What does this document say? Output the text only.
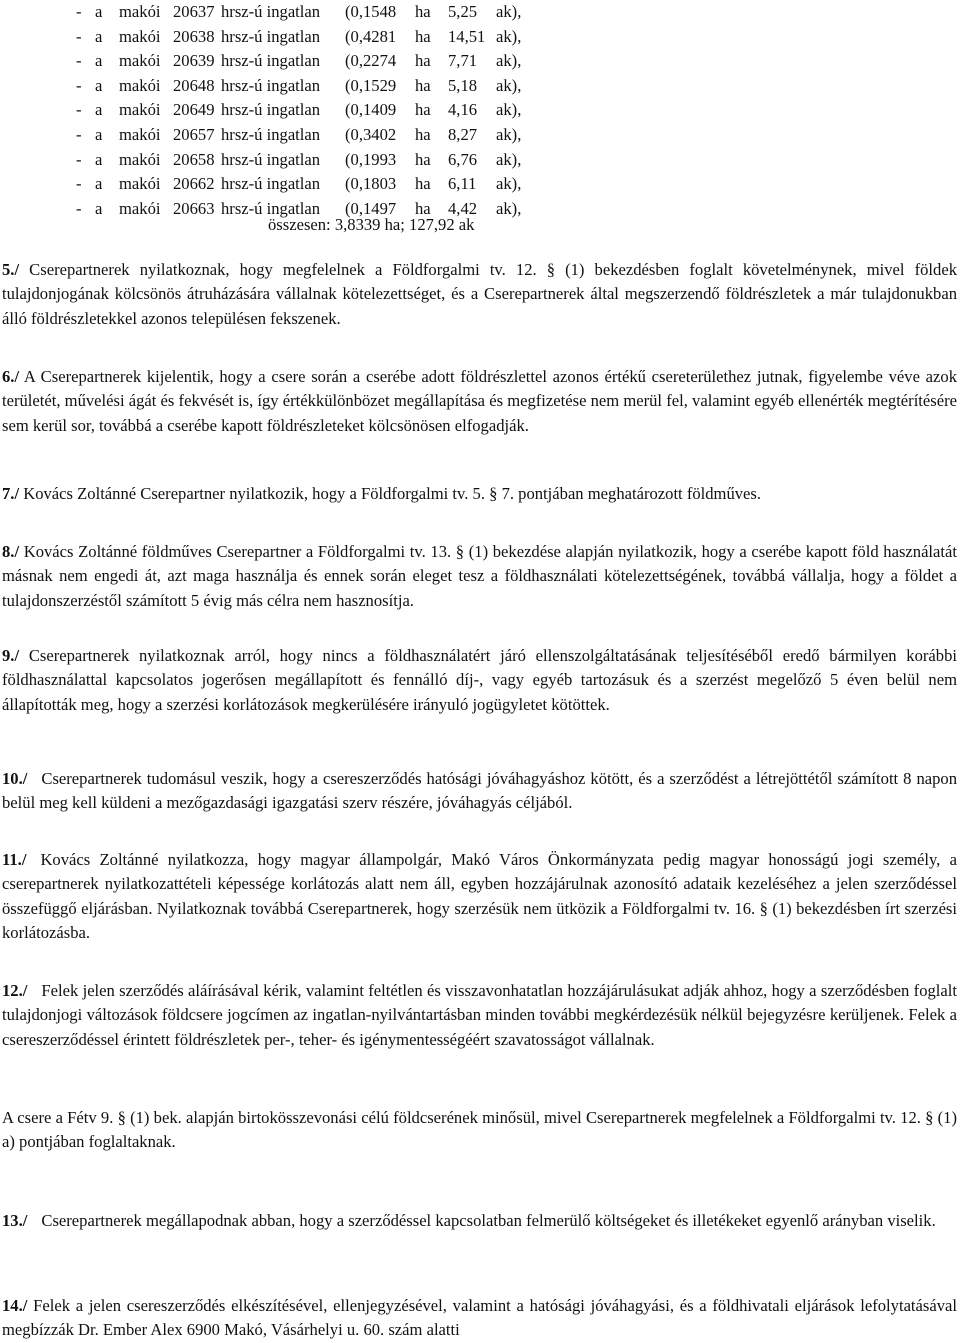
- a	makói 20637 hrsz-ú ingatlan	(0,1548	ha	5,25	ak),
- a	makói 20638 hrsz-ú ingatlan	(0,4281	ha	14,51 ak),
- a	makói 20639 hrsz-ú ingatlan	(0,2274	ha	7,71	ak),
- a	makói 20648 hrsz-ú ingatlan	(0,1529	ha	5,18	ak),
- a	makói 20649 hrsz-ú ingatlan	(0,1409	ha	4,16	ak),
- a	makói 20657 hrsz-ú ingatlan	(0,3402	ha	8,27	ak),
- a	makói 20658 hrsz-ú ingatlan	(0,1993	ha	6,76	ak),
- a	makói 20662 hrsz-ú ingatlan	(0,1803	ha	6,11	ak),
- a	makói 20663 hrsz-ú ingatlan	(0,1497	ha	4,42	ak),
összesen: 3,8339 ha; 127,92 ak

5./ Cserepartnerek nyilatkoznak, hogy megfelelnek a Földforgalmi tv. 12. § (1) bekezdésben foglalt követelménynek, mivel földek tulajdonjogának kölcsönös átruházására vállalnak kötelezettséget, és a Cserepartnerek által megszerzendő földrészletek a már tulajdonukban álló földrészletekkel azonos településen fekszenek.

6./ A Cserepartnerek kijelentik, hogy a csere során a cserébe adott földrészlettel azonos értékű csereterülethez jutnak, figyelembe véve azok területét, művelési ágát és fekvését is, így értékkülönbözet megállapítása és megfizetése nem merül fel, valamint egyéb ellenérték megtérítésére sem kerül sor, továbbá a cserébe kapott földrészleteket kölcsönösen elfogadják.

7./ Kovács Zoltánné Cserepartner nyilatkozik, hogy a Földforgalmi tv. 5. § 7. pontjában meghatározott földműves.

8./ Kovács Zoltánné földműves Cserepartner a Földforgalmi tv. 13. § (1) bekezdése alapján nyilatkozik, hogy a cserébe kapott föld használatát másnak nem engedi át, azt maga használja és ennek során eleget tesz a földhasználati kötelezettségének, továbbá vállalja, hogy a földet a tulajdonszerzéstől számított 5 évig más célra nem hasznosítja.

9./ Cserepartnerek nyilatkoznak arról, hogy nincs a földhasználatért járó ellenszolgáltatásának teljesítéséből eredő bármilyen korábbi földhasználattal kapcsolatos jogerősen megállapított és fennálló díj-, vagy egyéb tartozásuk és a szerzést megelőző 5 éven belül nem állapították meg, hogy a szerzési korlátozások megkerülésére irányuló jogügyletet kötöttek.

10./ Cserepartnerek tudomásul veszik, hogy a csereszerződés hatósági jóváhagyáshoz kötött, és a szerződést a létrejöttétől számított 8 napon belül meg kell küldeni a mezőgazdasági igazgatási szerv részére, jóváhagyás céljából.

11./ Kovács Zoltánné nyilatkozza, hogy magyar állampolgár, Makó Város Önkormányzata pedig magyar honosságú jogi személy, a cserepartnerek nyilatkozattételi képessége korlátozás alatt nem áll, egyben hozzájárulnak azonosító adataik kezeléséhez a jelen szerződéssel összefüggő eljárásban. Nyilatkoznak továbbá Cserepartnerek, hogy szerzésük nem ütközik a Földforgalmi tv. 16. § (1) bekezdésben írt szerzési korlátozásba.

12./ Felek jelen szerződés aláírásával kérik, valamint feltétlen és visszavonhatatlan hozzájárulásukat adják ahhoz, hogy a szerződésben foglalt tulajdonjogi változások földcsere jogcímen az ingatlan-nyilvántartásban minden további megkérdezésük nélkül bejegyzésre kerüljenek. Felek a csereszerződéssel érintett földrészletek per-, teher- és igénymentességéért szavatosságot vállalnak.

A csere a Fétv 9. § (1) bek. alapján birtokösszevonási célú földcserének minősül, mivel Cserepartnerek megfelelnek a Földforgalmi tv. 12. § (1) a) pontjában foglaltaknak.

13./ Cserepartnerek megállapodnak abban, hogy a szerződéssel kapcsolatban felmerülő költségeket és illetékeket egyenlő arányban viselik.

14./ Felek a jelen csereszerződés elkészítésével, ellenjegyzésével, valamint a hatósági jóváhagyási, és a földhivatali eljárások lefolytatásával megbízzák Dr. Ember Alex 6900 Makó, Vásárhelyi u. 60. szám alatti
